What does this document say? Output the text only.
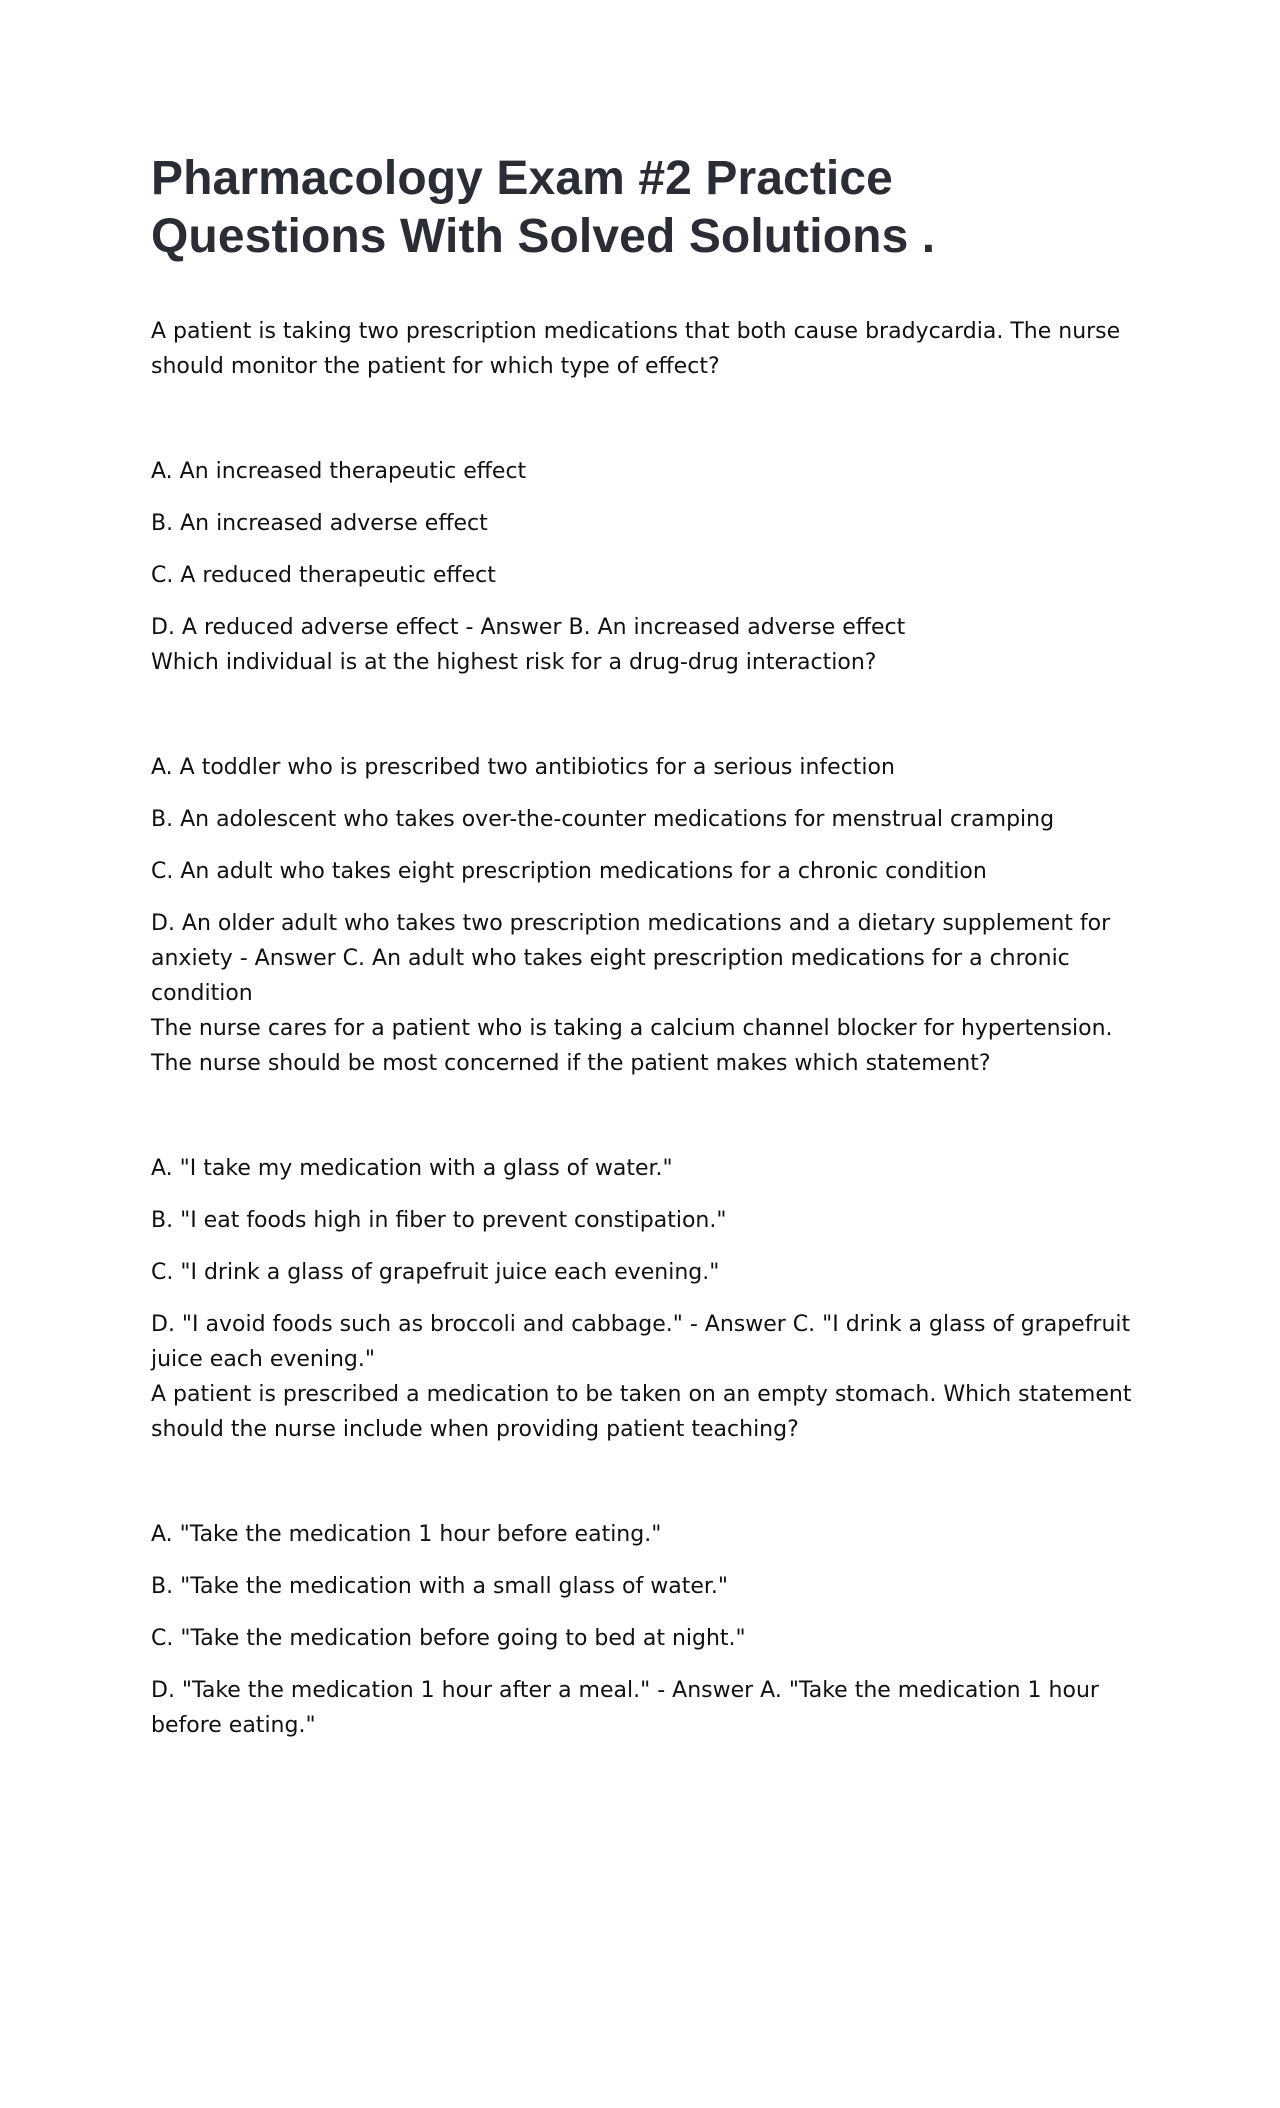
Pharmacology Exam #2 Practice Questions With Solved Solutions .

A patient is taking two prescription medications that both cause bradycardia. The nurse should monitor the patient for which type of effect?

A. An increased therapeutic effect
B. An increased adverse effect
C. A reduced therapeutic effect
D. A reduced adverse effect - Answer B. An increased adverse effect

Which individual is at the highest risk for a drug-drug interaction?

A. A toddler who is prescribed two antibiotics for a serious infection
B. An adolescent who takes over-the-counter medications for menstrual cramping
C. An adult who takes eight prescription medications for a chronic condition
D. An older adult who takes two prescription medications and a dietary supplement for anxiety - Answer C. An adult who takes eight prescription medications for a chronic condition

The nurse cares for a patient who is taking a calcium channel blocker for hypertension. The nurse should be most concerned if the patient makes which statement?

A. "I take my medication with a glass of water."
B. "I eat foods high in fiber to prevent constipation."
C. "I drink a glass of grapefruit juice each evening."
D. "I avoid foods such as broccoli and cabbage." - Answer C. "I drink a glass of grapefruit juice each evening."

A patient is prescribed a medication to be taken on an empty stomach. Which statement should the nurse include when providing patient teaching?

A. "Take the medication 1 hour before eating."
B. "Take the medication with a small glass of water."
C. "Take the medication before going to bed at night."
D. "Take the medication 1 hour after a meal." - Answer A. "Take the medication 1 hour before eating."
